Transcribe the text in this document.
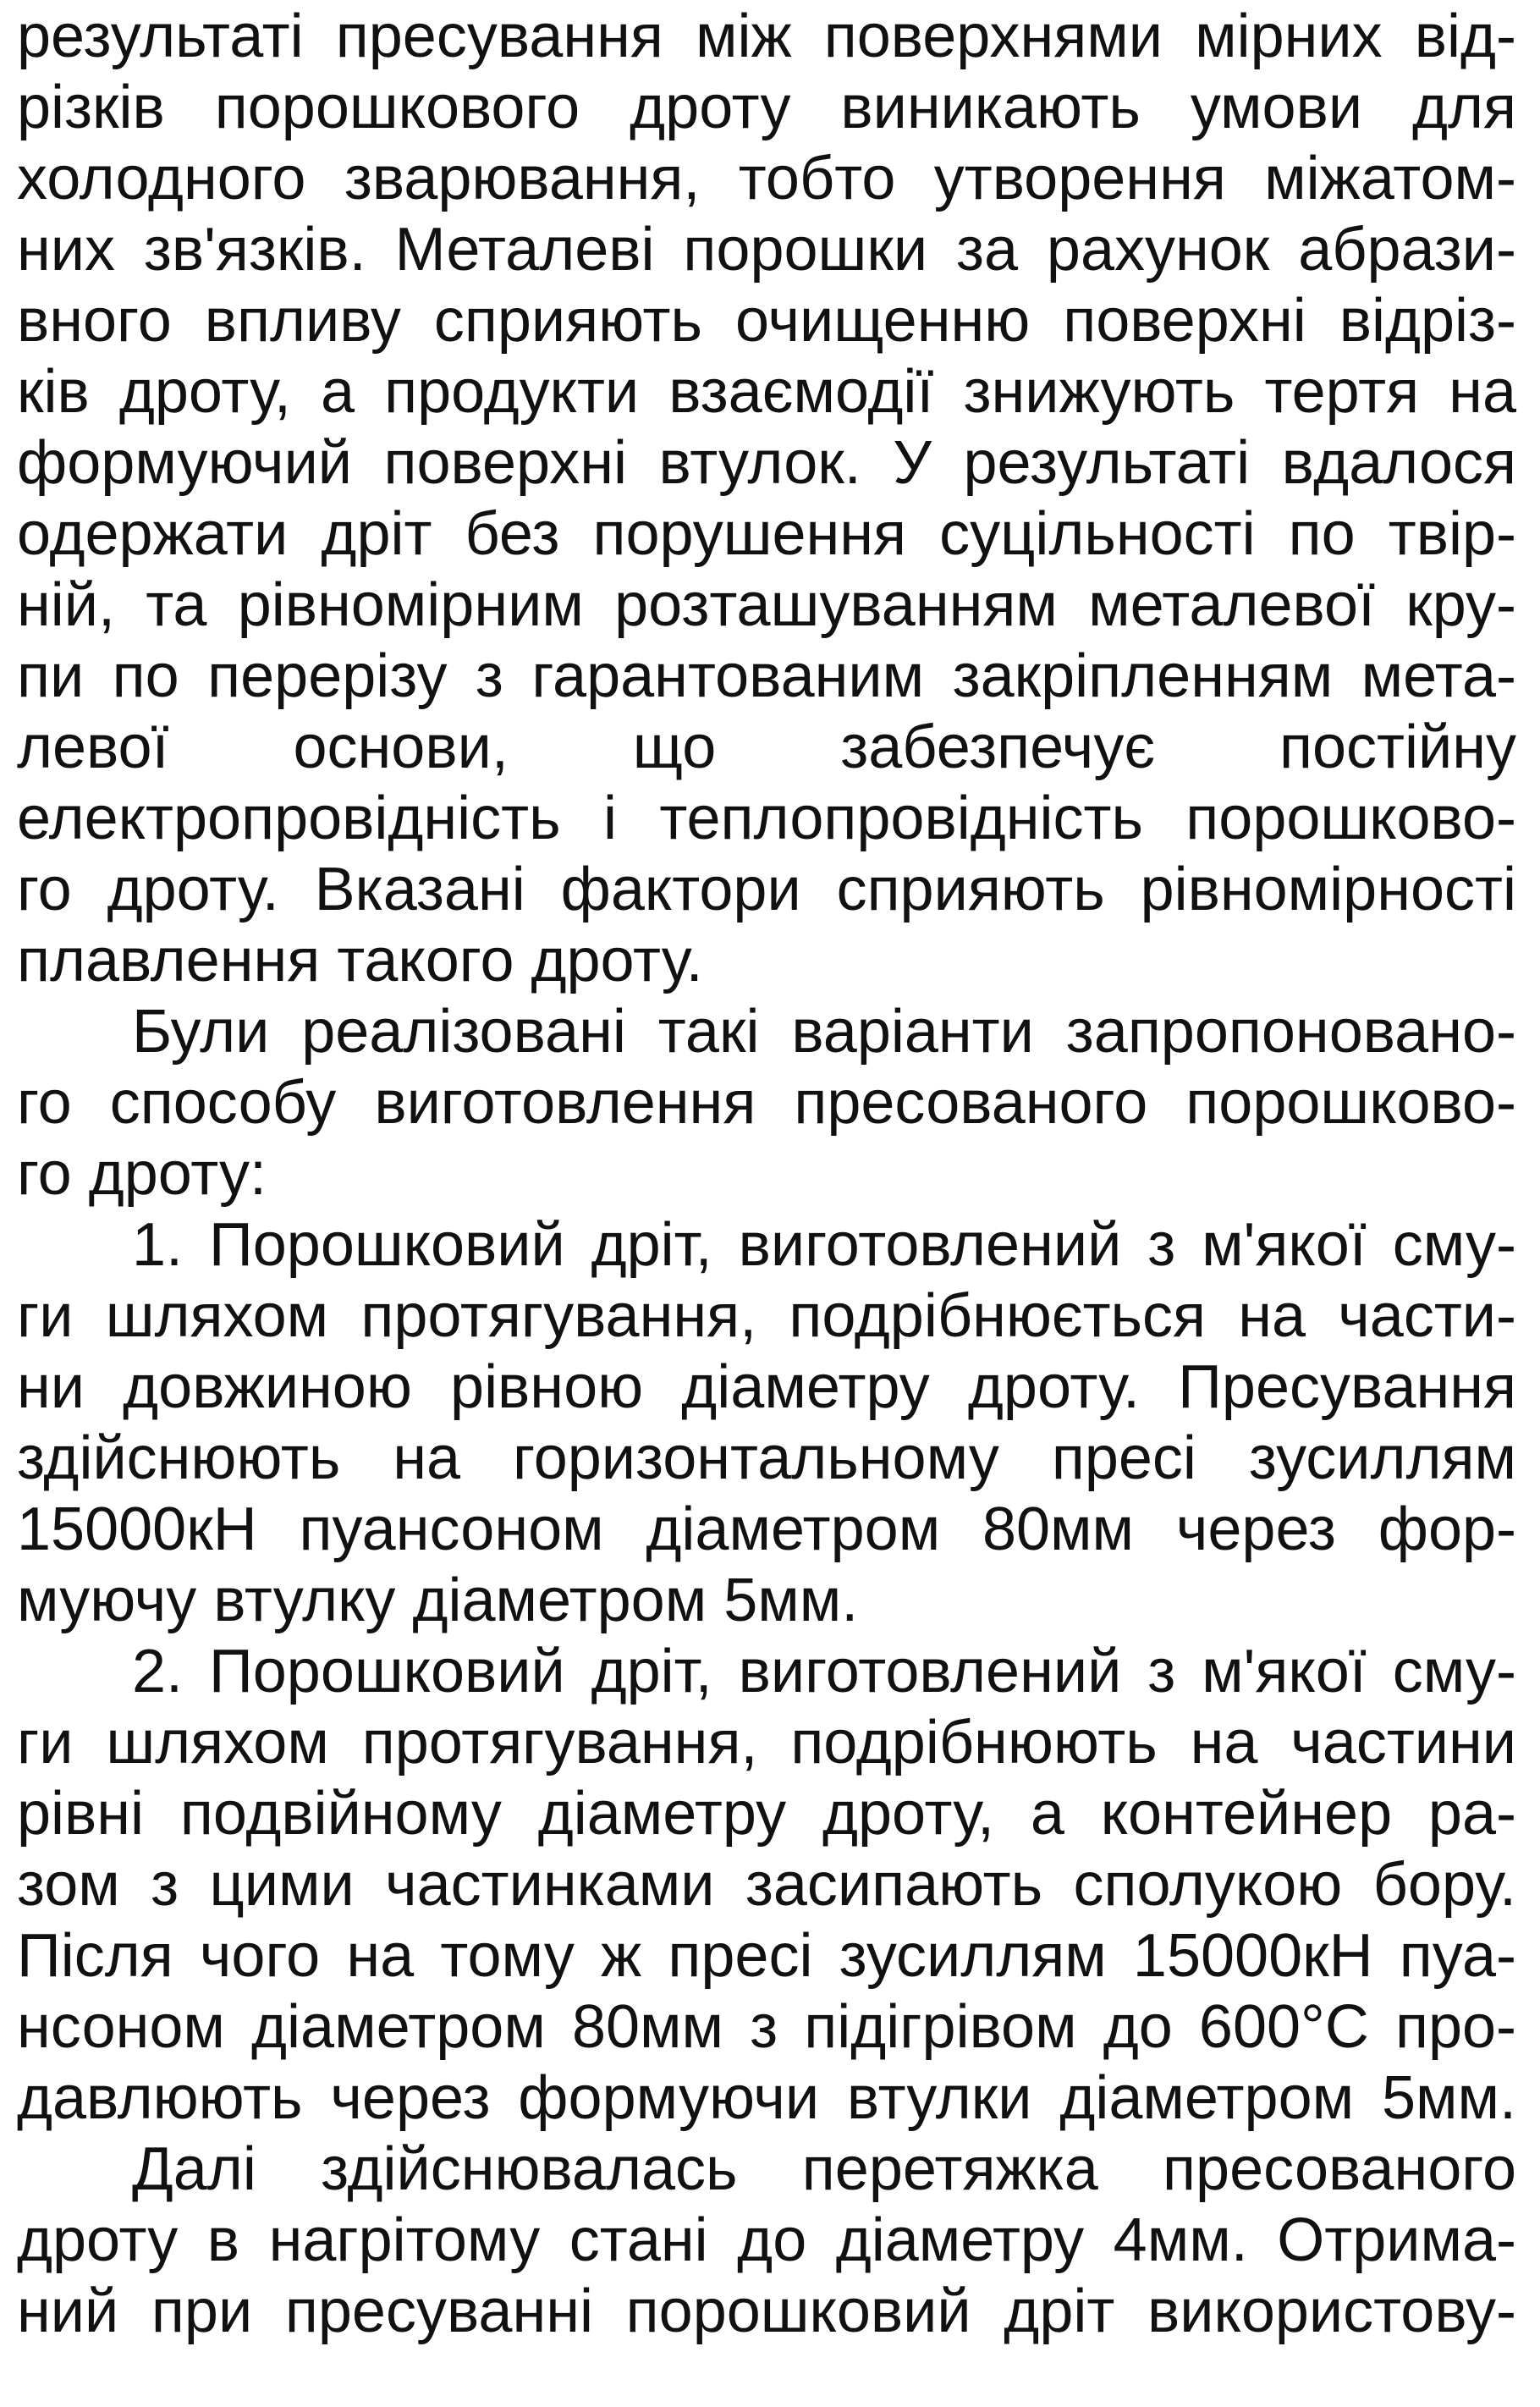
результаті пресування між поверхнями мірних від-
різків порошкового дроту виникають умови для
холодного зварювання, тобто утворення міжатом-
них зв'язків. Металеві порошки за рахунок абрази-
вного впливу сприяють очищенню поверхні відріз-
ків дроту, а продукти взаємодії знижують тертя на
формуючий поверхні втулок. У результаті вдалося
одержати дріт без порушення суцільності по твір-
ній, та рівномірним розташуванням металевої кру-
пи по перерізу з гарантованим закріпленням мета-
левої основи, що забезпечує постійну
електропровідність і теплопровідність порошково-
го дроту. Вказані фактори сприяють рівномірності
плавлення такого дроту.
Були реалізовані такі варіанти запропоновано-
го способу виготовлення пресованого порошково-
го дроту:
1. Порошковий дріт, виготовлений з м'якої сму-
ги шляхом протягування, подрібнюється на части-
ни довжиною рівною діаметру дроту. Пресування
здійснюють на горизонтальному пресі зусиллям
15000кН пуансоном діаметром 80мм через фор-
муючу втулку діаметром 5мм.
2. Порошковий дріт, виготовлений з м'якої сму-
ги шляхом протягування, подрібнюють на частини
рівні подвійному діаметру дроту, а контейнер ра-
зом з цими частинками засипають сполукою бору.
Після чого на тому ж пресі зусиллям 15000кН пуа-
нсоном діаметром 80мм з підігрівом до 600°С про-
давлюють через формуючи втулки діаметром 5мм.
Далі здійснювалась перетяжка пресованого
дроту в нагрітому стані до діаметру 4мм. Отрима-
ний при пресуванні порошковий дріт використову-
